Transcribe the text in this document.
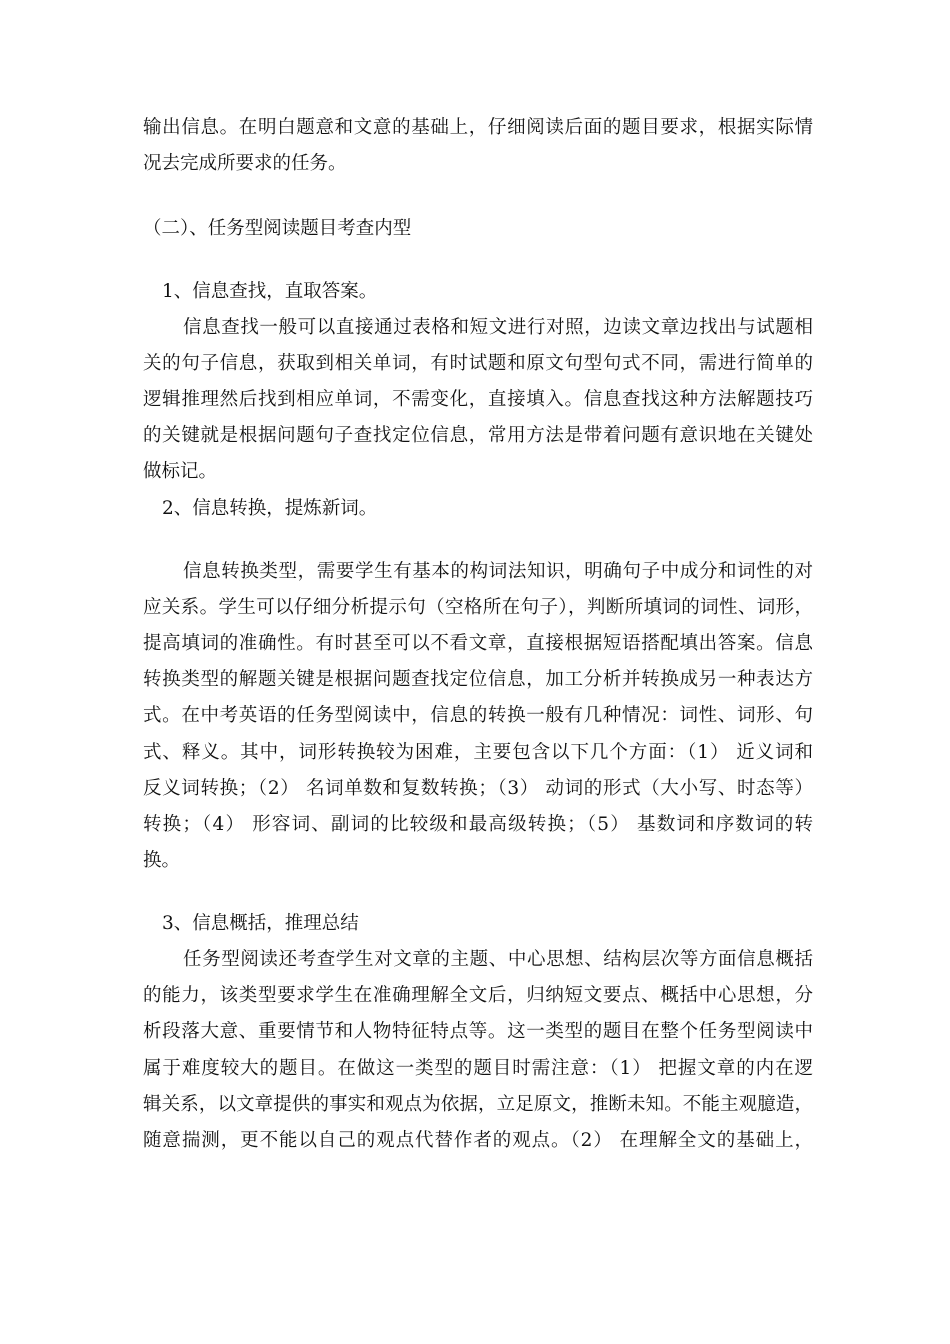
输出信息。在明白题意和文意的基础上，仔细阅读后面的题目要求，根据实际情
况去完成所要求的任务。
（二）、任务型阅读题目考查内型
1、信息查找，直取答案。
信息查找一般可以直接通过表格和短文进行对照，边读文章边找出与试题相
关的句子信息，获取到相关单词，有时试题和原文句型句式不同，需进行简单的
逻辑推理然后找到相应单词，不需变化，直接填入。信息查找这种方法解题技巧
的关键就是根据问题句子查找定位信息，常用方法是带着问题有意识地在关键处
做标记。
2、信息转换，提炼新词。
信息转换类型，需要学生有基本的构词法知识，明确句子中成分和词性的对
应关系。学生可以仔细分析提示句（空格所在句子），判断所填词的词性、词形，
提高填词的准确性。有时甚至可以不看文章，直接根据短语搭配填出答案。信息
转换类型的解题关键是根据问题查找定位信息，加工分析并转换成另一种表达方
式。在中考英语的任务型阅读中，信息的转换一般有几种情况：词性、词形、句
式、释义。其中，词形转换较为困难，主要包含以下几个方面：（1） 近义词和
反义词转换；（2） 名词单数和复数转换；（3） 动词的形式（大小写、时态等）
转换；（4） 形容词、副词的比较级和最高级转换；（5） 基数词和序数词的转
换。
3、信息概括，推理总结
任务型阅读还考查学生对文章的主题、中心思想、结构层次等方面信息概括
的能力，该类型要求学生在准确理解全文后，归纳短文要点、概括中心思想，分
析段落大意、重要情节和人物特征特点等。这一类型的题目在整个任务型阅读中
属于难度较大的题目。在做这一类型的题目时需注意：（1） 把握文章的内在逻
辑关系，以文章提供的事实和观点为依据，立足原文，推断未知。不能主观臆造，
随意揣测，更不能以自己的观点代替作者的观点。（2） 在理解全文的基础上，
